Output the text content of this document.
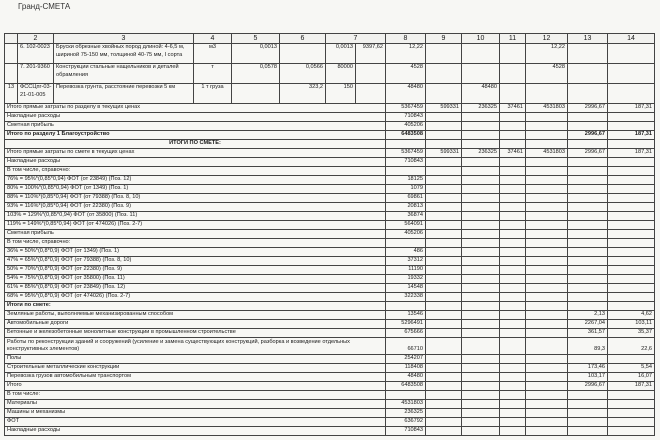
Гранд-СМЕТА
	2	3	4	5	6	7		8	9	10	11	12	13	14
	6. 102-0023	Бруски обрезные хвойных пород длиной: 4-6,5 м, шириной 75-150 мм, толщиной 40-75 мм, I сорта	м3	0,0013		0,0013	9397,62	12,22				12,22		
	7. 201-9360	Конструкции стальные нащельников и деталей обрамления	т	0,0578	0,0566	80000		4528				4528		
13	ФССЦпг-03-21-01-005	Перевозка грунта, расстояние перевозки 5 км	1 т груза		323,2	150		48480		48480				
Итого прямые затраты по разделу в текущих ценах								5367459	599331	236325	37461	4531803	2996,67	187,31
Накладные расходы								710843						
Сметная прибыль								405206						
Итого по разделу 1 Благоустройство								6483508					2996,67	187,31
ИТОГИ ПО СМЕТЕ:														
Итого прямые затраты по смете в текущих ценах								5367459	599331	236325	37461	4531803	2996,67	187,31
Накладные расходы								710843						
В том числе, справочно:														
76% = 95%*(0,85*0,94) ФОТ (от 23849) (Поз. 12)								18125						
80% = 100%*(0,85*0,94) ФОТ (от 1349) (Поз. 1)								1079						
88% = 110%*(0,85*0,94) ФОТ (от 79388) (Поз. 8, 10)								69861						
93% = 116%*(0,85*0,94) ФОТ (от 22380) (Поз. 9)								20813						
103% = 129%*(0,85*0,94) ФОТ (от 35800) (Поз. 11)								36874						
119% = 149%*(0,85*0,94) ФОТ (от 474026) (Поз. 2-7)								564091						
Сметная прибыль								405206						
В том числе, справочно:														
36% = 50%*(0,8*0,9) ФОТ (от 1349) (Поз. 1)								486						
47% = 65%*(0,8*0,9) ФОТ (от 79388) (Поз. 8, 10)								37312						
50% = 70%*(0,8*0,9) ФОТ (от 22380) (Поз. 9)								11190						
54% = 75%*(0,8*0,9) ФОТ (от 35800) (Поз. 11)								19332						
61% = 85%*(0,8*0,9) ФОТ (от 23849) (Поз. 12)								14548						
68% = 95%*(0,8*0,9) ФОТ (от 474026) (Поз. 2-7)								322338						
Итоги по смете:														
Земляные работы, выполняемые механизированным способом								13546					2,13	4,62
Автомобильные дороги								5296491					2267,04	103,11
Бетонные и железобетонные монолитные конструкции в промышленном строительстве								675666					361,57	35,37
Работы по реконструкции зданий и сооружений (усиление и замена существующих конструкций, разборка и возведение отдельных конструктивных элементов)								66710					89,3	22,6
Полы								254207						
Строительные металлические конструкции								118408					173,46	5,54
Перевозка грузов автомобильным транспортом								48480					103,17	16,07
Итого								6483508					2996,67	187,31
В том числе:														
Материалы								4531803						
Машины и механизмы								236325						
ФОТ								636792						
Накладные расходы								710843						
